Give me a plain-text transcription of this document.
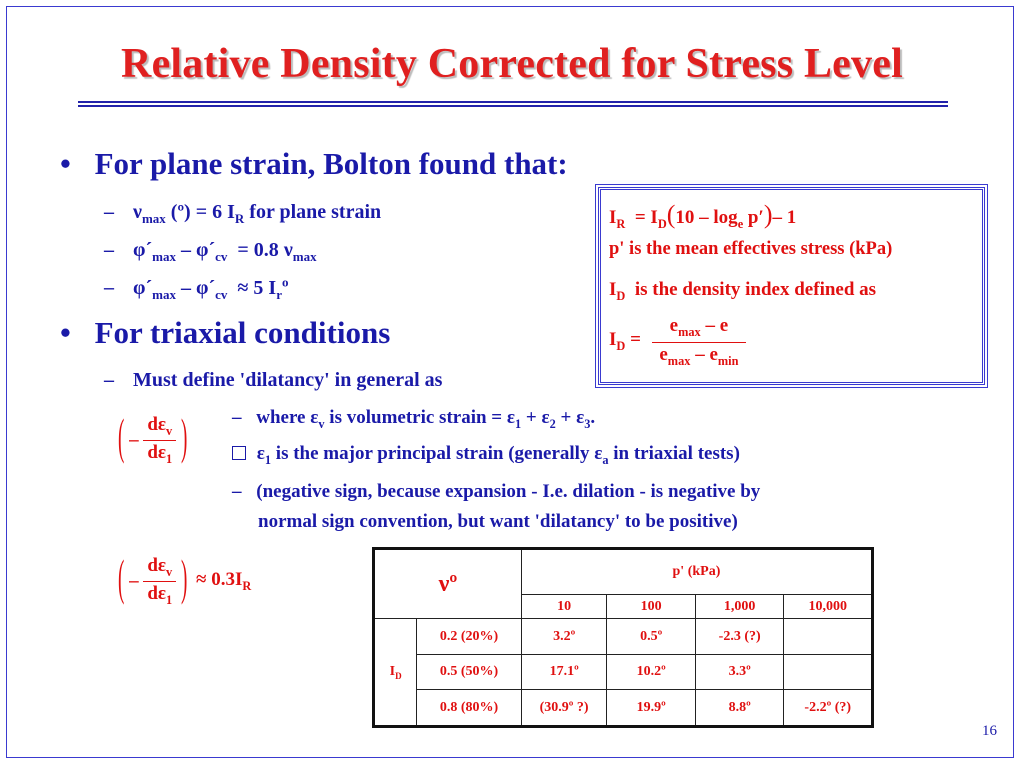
Relative Density Corrected for Stress Level
• For plane strain, Bolton found that:
– $\nu_{max}$ (º) = 6 $I_R$ for plane strain
– $\varphi´_{max}$ – $\varphi´_{cv} = 0.8$ $\nu_{max}$
– $\varphi´_{max}$ – $\varphi´_{cv} \approx 5$ $I_r^o$
• For triaxial conditions
– Must define 'dilatancy' in general as
( – $\frac{d\varepsilon_v}{d\varepsilon_1}$ ) – where $\varepsilon_v$ is volumetric strain = $\varepsilon_1 + \varepsilon_2 + \varepsilon_3$.
$\varepsilon_1$ is the major principal strain (generally $\varepsilon_a$ in triaxial tests)
– (negative sign, because expansion - I.e. dilation - is negative by
normal sign convention, but want 'dilatancy' to be positive)
( – $\frac{d\varepsilon_v}{d\varepsilon_1}$ ) ≈ $0.3I_R$
$I_R = I_D(10 - \log_e p')-$ 1
p' is the mean effectives stress (kPa)
$I_D$ is the density index defined as
$I_D = \frac{e_{max} - e}{e_{max} - e_{min}}$
νº		p' (kPa)			
		10	100	1,000	10,000
$I_D$	0.2 (20%)	3.2º	0.5º	-2.3 (?)	
	0.5 (50%)	17.1º	10.2º	3.3º	
	0.8 (80%)	(30.9º ?)	19.9º	8.8º	-2.2º (?)
16
